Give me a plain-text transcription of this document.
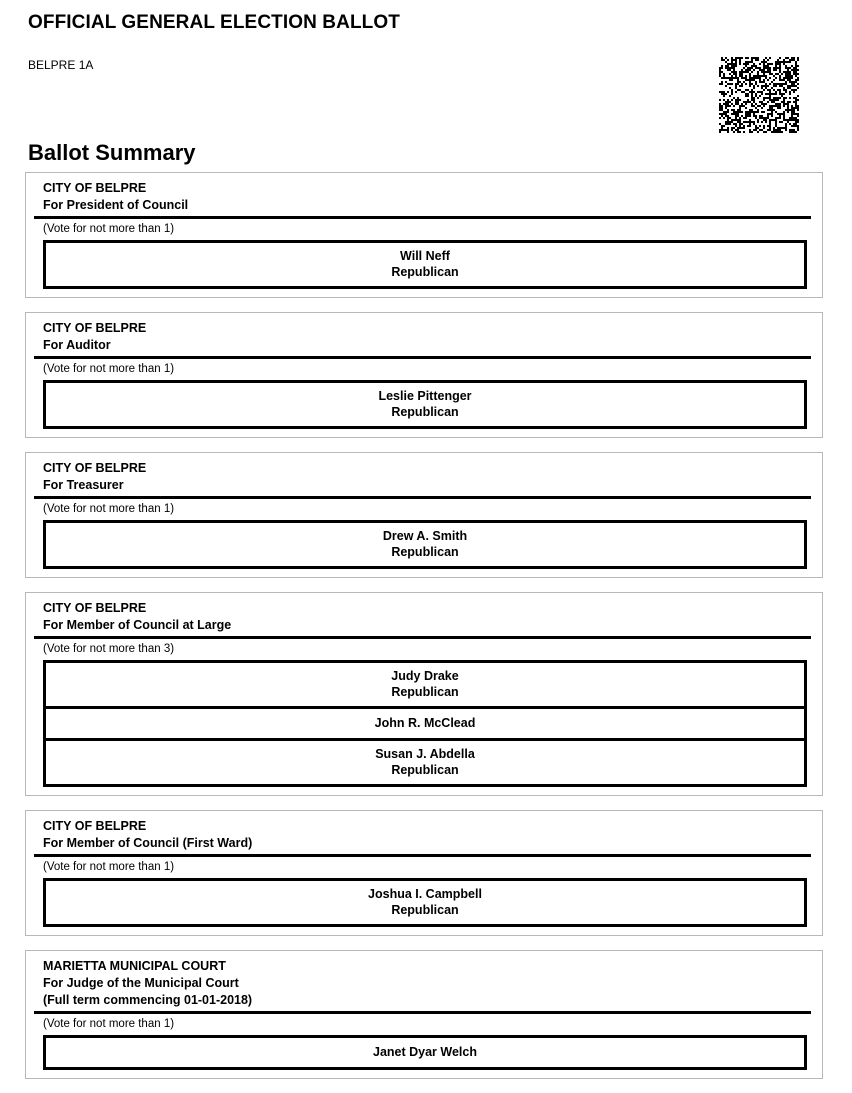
OFFICIAL GENERAL ELECTION BALLOT
BELPRE 1A
Ballot Summary
CITY OF BELPRE
For President of Council
(Vote for not more than 1)
Will Neff
Republican
CITY OF BELPRE
For Auditor
(Vote for not more than 1)
Leslie Pittenger
Republican
CITY OF BELPRE
For Treasurer
(Vote for not more than 1)
Drew A. Smith
Republican
CITY OF BELPRE
For Member of Council at Large
(Vote for not more than 3)
Judy Drake
Republican
John R. McClead
Susan J. Abdella
Republican
CITY OF BELPRE
For Member of Council (First Ward)
(Vote for not more than 1)
Joshua I. Campbell
Republican
MARIETTA MUNICIPAL COURT
For Judge of the Municipal Court
(Full term commencing 01-01-2018)
(Vote for not more than 1)
Janet Dyar Welch
